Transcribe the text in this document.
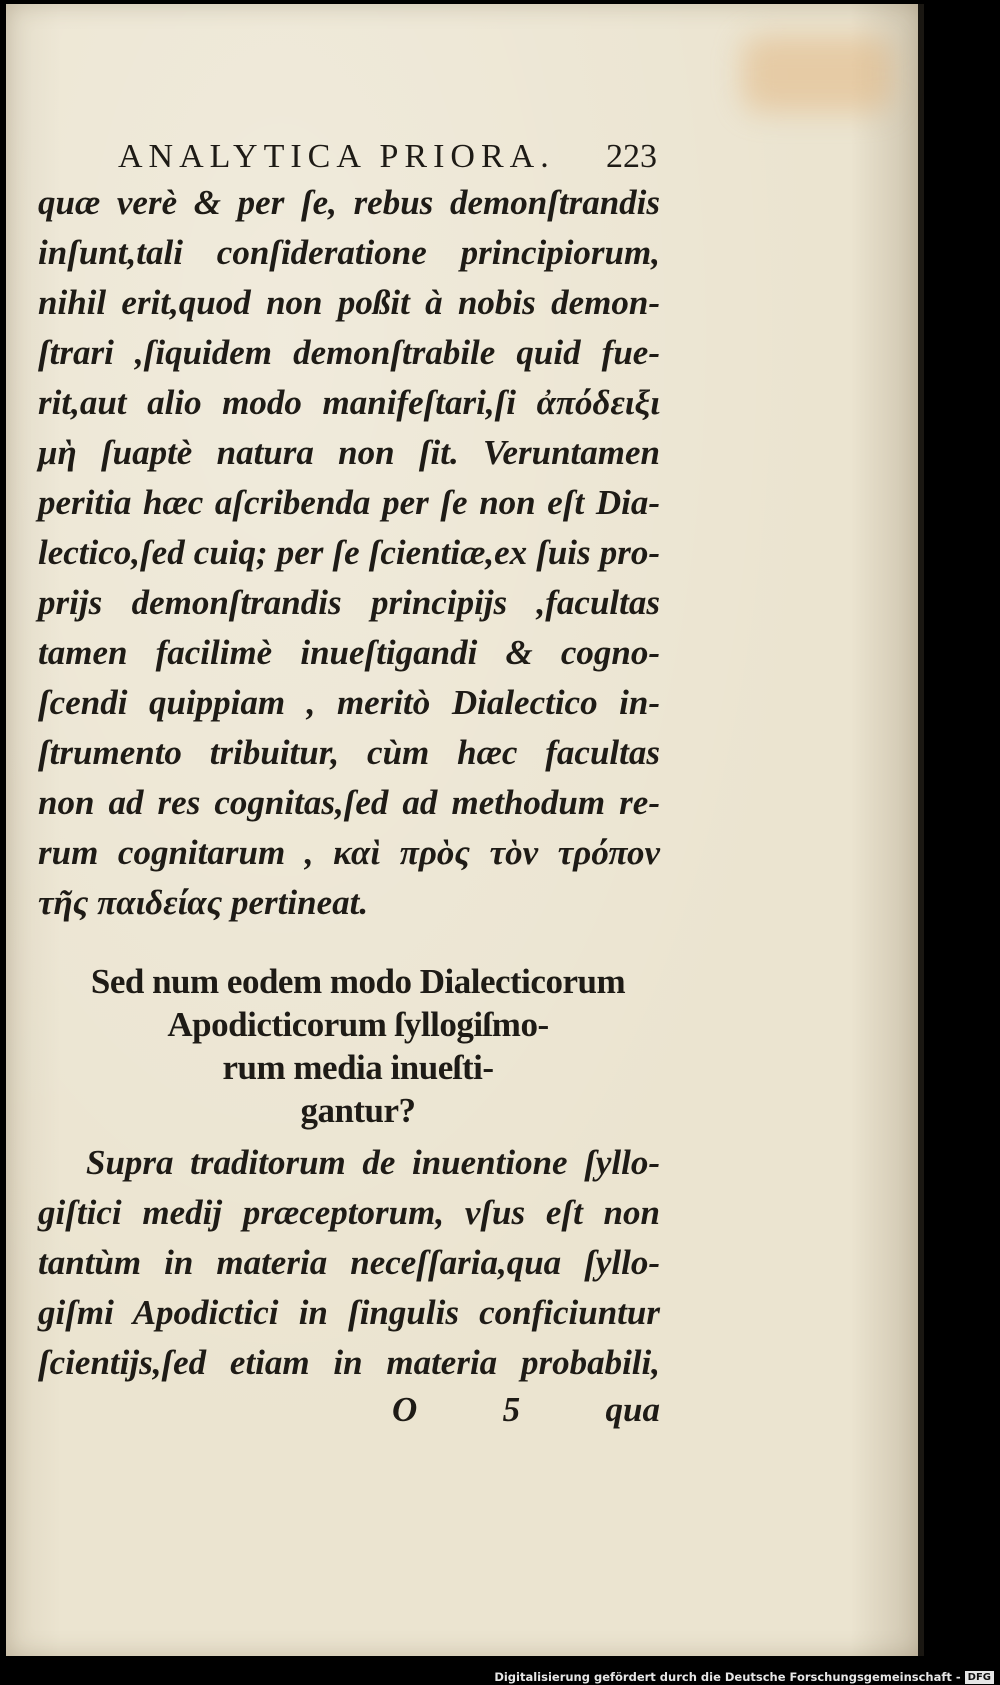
ANALYTICA PRIORA.	223
quæ verè & per ſe, rebus demonſtrandis
inſunt,tali conſideratione principiorum,
nihil erit,quod non poßit à nobis demon-
ſtrari ,ſiquidem demonſtrabile quid fue-
rit,aut alio modo manifeſtari,ſi ἀπόδειξι
μὴ ſuaptè natura non ſit. Veruntamen
peritia hæc aſcribenda per ſe non eſt Dia-
lectico,ſed cuiq; per ſe ſcientiæ,ex ſuis pro-
prijs demonſtrandis principijs ,facultas
tamen facilimè inueſtigandi & cogno-
ſcendi quippiam , meritò Dialectico in-
ſtrumento tribuitur, cùm hæc facultas
non ad res cognitas,ſed ad methodum re-
rum cognitarum , καὶ πρὸς τὸν τρόπον
τῆς παιδείας pertineat.
Sed num eodem modo Dialecticorum
Apodicticorum ſyllogiſmo-
rum media inueſti-
gantur?
Supra traditorum de inuentione ſyllo-
giſtici medij præceptorum, vſus eſt non
tantùm in materia neceſſaria,qua ſyllo-
giſmi Apodictici in ſingulis conficiuntur
ſcientijs,ſed etiam in materia probabili,
O 5 qua
Digitalisierung gefördert durch die Deutsche Forschungsgemeinschaft - DFG
